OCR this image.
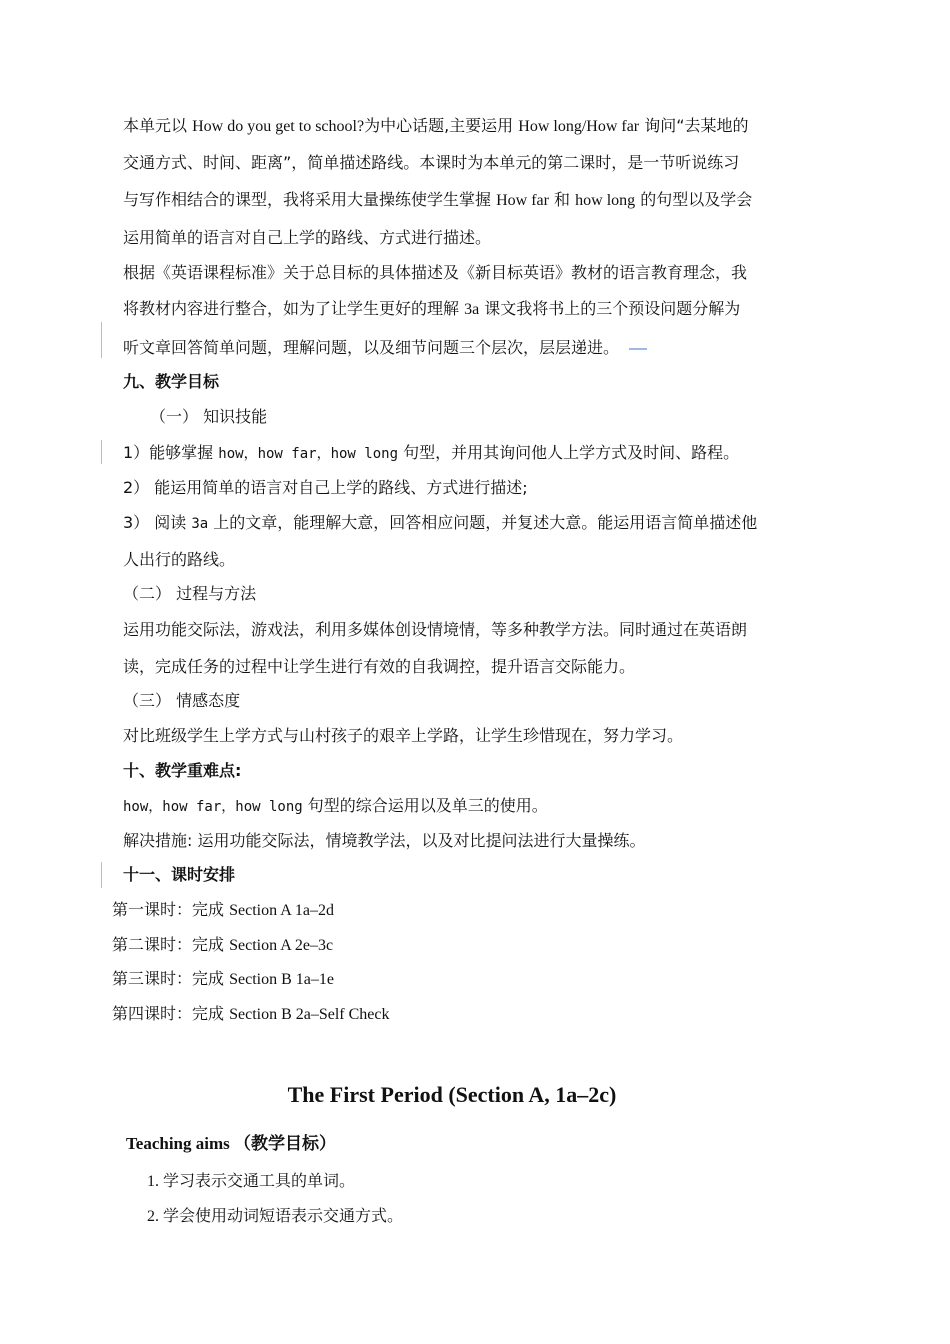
本单元以 How do you get to school?为中心话题,主要运用 How long/How far 询问“去某地的
交通方式、时间、距离”，简单描述路线。本课时为本单元的第二课时，是一节听说练习
与写作相结合的课型，我将采用大量操练使学生掌握 How far 和 how long 的句型以及学会
运用简单的语言对自己上学的路线、方式进行描述。
根据《英语课程标准》关于总目标的具体描述及《新目标英语》教材的语言教育理念，我
将教材内容进行整合，如为了让学生更好的理解 3a 课文我将书上的三个预设问题分解为
听文章回答简单问题，理解问题，以及细节问题三个层次，层层递进。
九、教学目标
（一） 知识技能
1）能够掌握 how，how far，how long 句型，并用其询问他人上学方式及时间、路程。
2） 能运用简单的语言对自己上学的路线、方式进行描述;
3） 阅读 3a 上的文章，能理解大意，回答相应问题，并复述大意。能运用语言简单描述他
人出行的路线。
（二） 过程与方法
运用功能交际法，游戏法，利用多媒体创设情境情，等多种教学方法。同时通过在英语朗
读，完成任务的过程中让学生进行有效的自我调控，提升语言交际能力。
（三） 情感态度
对比班级学生上学方式与山村孩子的艰辛上学路，让学生珍惜现在，努力学习。
十、教学重难点:
how，how far，how long 句型的综合运用以及单三的使用。
解决措施: 运用功能交际法，情境教学法，以及对比提问法进行大量操练。
十一、课时安排
第一课时：完成 Section A 1a–2d
第二课时：完成 Section A 2e–3c
第三课时：完成 Section B 1a–1e
第四课时：完成 Section B 2a–Self Check
The First Period (Section A, 1a–2c)
Teaching aims （教学目标）
1. 学习表示交通工具的单词。
2. 学会使用动词短语表示交通方式。
